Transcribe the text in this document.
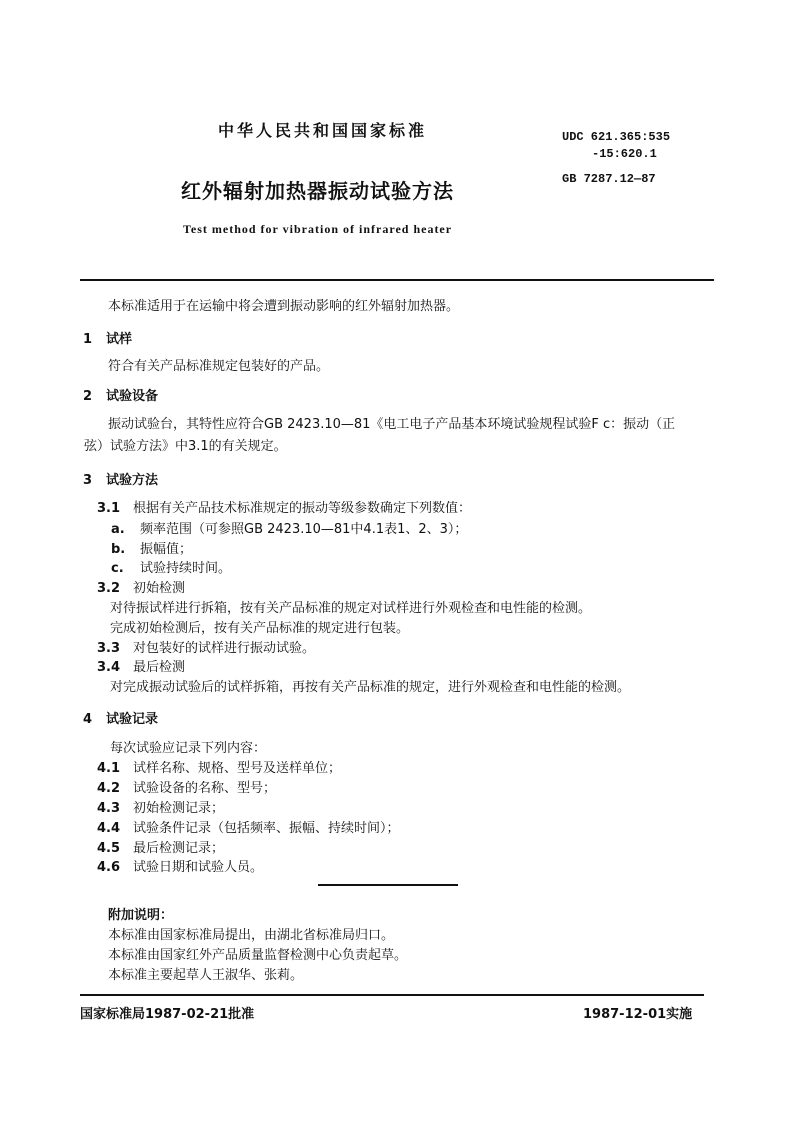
中华人民共和国国家标准	UDC 621.365:535
-15:620.1
GB 7287.12—87
红外辐射加热器振动试验方法
Test method for vibration of infrared heater
本标准适用于在运输中将会遭到振动影响的红外辐射加热器。
1 试样
符合有关产品标准规定包装好的产品。
2 试验设备
振动试验台，其特性应符合GB 2423.10—81《电工电子产品基本环境试验规程试验F c：振动（正
弦）试验方法》中3.1的有关规定。
3 试验方法
3.1 根据有关产品技术标准规定的振动等级参数确定下列数值：
a. 频率范围（可参照GB 2423.10—81中4.1表1、2、3）；
b. 振幅值；
c. 试验持续时间。
3.2 初始检测
对待振试样进行拆箱，按有关产品标准的规定对试样进行外观检查和电性能的检测。
完成初始检测后，按有关产品标准的规定进行包装。
3.3 对包装好的试样进行振动试验。
3.4 最后检测
对完成振动试验后的试样拆箱，再按有关产品标准的规定，进行外观检查和电性能的检测。
4 试验记录
每次试验应记录下列内容：
4.1 试样名称、规格、型号及送样单位；
4.2 试验设备的名称、型号；
4.3 初始检测记录；
4.4 试验条件记录（包括频率、振幅、持续时间）；
4.5 最后检测记录；
4.6 试验日期和试验人员。
附加说明：
本标准由国家标准局提出，由湖北省标准局归口。
本标准由国家红外产品质量监督检测中心负责起草。
本标准主要起草人王淑华、张莉。
国家标准局1987-02-21批准	1987-12-01实施
